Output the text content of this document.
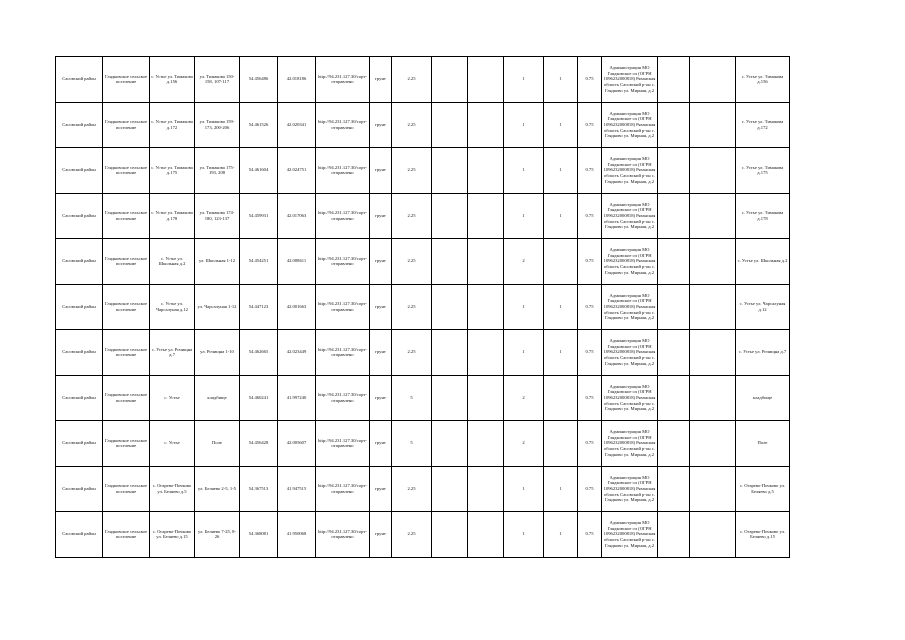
Сасовский район	Глядковское сельское поселение	с. Устье ул. Тимакова д.156	ул. Тимакова 150-158, 107-117	54.456486	42.018186	http://94.231.127.30/сорт-отправлено	грунт	2.25			1	1	0.75	Администрация МО Глядковское сп (ОГРН 1096232000818) Рязанская область Сасовский р-он с. Глядково ул. Мирная, д.2			с. Устье ул. Тимакова д.156
Сасовский район	Глядковское сельское поселение	с. Устье ул. Тимакова д.172	ул. Тимакова 159-173, 200-206	54.461526	42.020341	http://94.231.127.30/сорт-отправлено	грунт	2.25			1	1	0.75	Администрация МО Глядковское сп (ОГРН 1096232000818) Рязанская область Сасовский р-он с. Глядково ул. Мирная, д.2			с. Устье ул. Тимакова д.172
Сасовский район	Глядковское сельское поселение	с. Устье ул. Тимакова д.175	ул. Тимакова 175-193, 208	54.461604	42.024751	http://94.231.127.30/сорт-отправлено	грунт	2.25			1	1	0.75	Администрация МО Глядковское сп (ОГРН 1096232000818) Рязанская область Сасовский р-он с. Глядково ул. Мирная, д.2			с. Устье ул. Тимакова д.175
Сасовский район	Глядковское сельское поселение	с. Устье ул. Тимакова д.178	ул. Тимакова 174-180, 123-137	54.459931	42.017063	http://94.231.127.30/сорт-отправлено	грунт	2.25			1	1	0.75	Администрация МО Глядковское сп (ОГРН 1096232000818) Рязанская область Сасовский р-он с. Глядково ул. Мирная, д.2			с. Устье ул. Тимакова д.178
Сасовский район	Глядковское сельское поселение	с. Устье ул. Школьная д.2	ул. Школьная 1-12	54.454251	42.008611	http://94.231.127.30/сорт-отправлено	грунт	2.25			2		0.75	Администрация МО Глядковское сп (ОГРН 1096232000818) Рязанская область Сасовский р-он с. Глядково ул. Мирная, д.2			с. Устье ул. Школьная д.2
Сасовский район	Глядковское сельское поселение	с. Устье ул. Чарсалуная д.12	ул. Чарсалуная 1-12	54.447123	42.001663	http://94.231.127.30/сорт-отправлено	грунт	2.25			1	1	0.75	Администрация МО Глядковское сп (ОГРН 1096232000818) Рязанская область Сасовский р-он с. Глядково ул. Мирная, д.2			с. Устье ул. Чарсалуная д.12
Сасовский район	Глядковское сельское поселение	с. Устье ул. Рочищна д.7	ул. Рочищна 1-10	54.462665	42.023449	http://94.231.127.30/сорт-отправлено	грунт	2.25			1	1	0.75	Администрация МО Глядковское сп (ОГРН 1096232000818) Рязанская область Сасовский р-он с. Глядково ул. Мирная, д.2			с. Устье ул. Рочищна д.7
Сасовский район	Глядковское сельское поселение	с. Устье	кладбище	54.460241	41.997240	http://94.231.127.30/сорт-отправлено	грунт	5			2		0.75	Администрация МО Глядковское сп (ОГРН 1096232000818) Рязанская область Сасовский р-он с. Глядково ул. Мирная, д.2			кладбище
Сасовский район	Глядковское сельское поселение	с. Устье	Поле	54.456428	42.005607	http://94.231.127.30/сорт-отправлено	грунт	5			2		0.75	Администрация МО Глядковское сп (ОГРН 1096232000818) Рязанская область Сасовский р-он с. Глядково ул. Мирная, д.2			Поле
Сасовский район	Глядковское сельское поселение	с. Огарево-Почково ул. Беляево д.5	ул. Беляево 2-5, 1-5	54.367513	41.947515	http://94.231.127.30/сорт-отправлено	грунт	2.25			1	1	0.75	Администрация МО Глядковское сп (ОГРН 1096232000818) Рязанская область Сасовский р-он с. Глядково ул. Мирная, д.2			с. Огарево-Почково ул. Беляево д.5
Сасовский район	Глядковское сельское поселение	с. Огарево-Почково ул. Беляево д.15	ул. Беляево 7-25, 8-26	54.368081	41.950068	http://94.231.127.30/сорт-отправлено	грунт	2.25			1	1	0.75	Администрация МО Глядковское сп (ОГРН 1096232000818) Рязанская область Сасовский р-он с. Глядково ул. Мирная, д.2			с. Огарево-Почково ул. Беляево д.15
